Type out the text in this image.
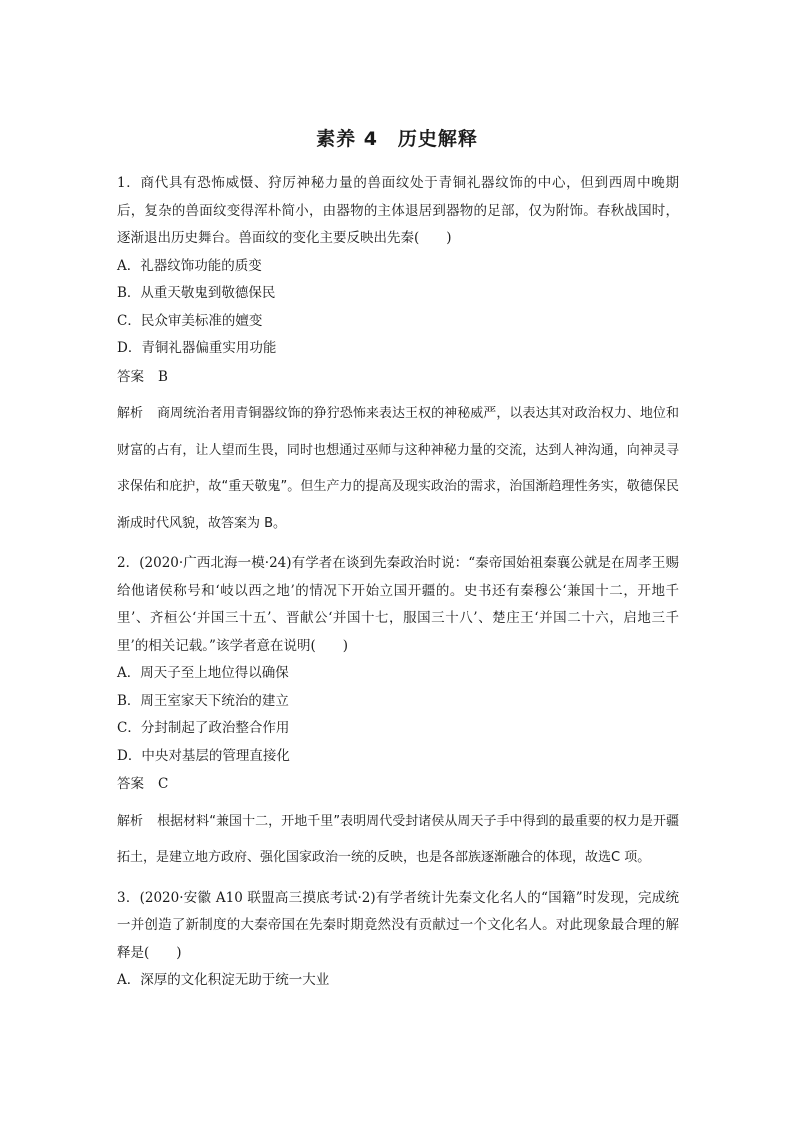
素养 4　历史解释
1．商代具有恐怖威慑、狩厉神秘力量的兽面纹处于青铜礼器纹饰的中心，但到西周中晚期后，复杂的兽面纹变得浑朴简小，由器物的主体退居到器物的足部，仅为附饰。春秋战国时，逐渐退出历史舞台。兽面纹的变化主要反映出先秦(　　)
A．礼器纹饰功能的质变
B．从重天敬鬼到敬德保民
C．民众审美标准的嬗变
D．青铜礼器偏重实用功能
答案 B
解析 商周统治者用青铜器纹饰的狰狞恐怖来表达王权的神秘威严，以表达其对政治权力、地位和财富的占有，让人望而生畏，同时也想通过巫师与这种神秘力量的交流，达到人神沟通，向神灵寻求保佑和庇护，故“重天敬鬼”。但生产力的提高及现实政治的需求，治国渐趋理性务实，敬德保民渐成时代风貌，故答案为 B。
2．(2020·广西北海一模·24)有学者在谈到先秦政治时说：“秦帝国始祖秦襄公就是在周孝王赐给他诸侯称号和‘岐以西之地’的情况下开始立国开疆的。史书还有秦穆公‘兼国十二，开地千里’、齐桓公‘并国三十五’、晋献公‘并国十七，服国三十八’、楚庄王‘并国二十六，启地三千里’的相关记载。”该学者意在说明(　　)
A．周天子至上地位得以确保
B．周王室家天下统治的建立
C．分封制起了政治整合作用
D．中央对基层的管理直接化
答案 C
解析 根据材料“兼国十二，开地千里”表明周代受封诸侯从周天子手中得到的最重要的权力是开疆拓土，是建立地方政府、强化国家政治一统的反映，也是各部族逐渐融合的体现，故选C 项。
3．(2020·安徽 A10 联盟高三摸底考试·2)有学者统计先秦文化名人的“国籍”时发现，完成统一并创造了新制度的大秦帝国在先秦时期竟然没有贡献过一个文化名人。对此现象最合理的解释是(　　)
A．深厚的文化积淀无助于统一大业
